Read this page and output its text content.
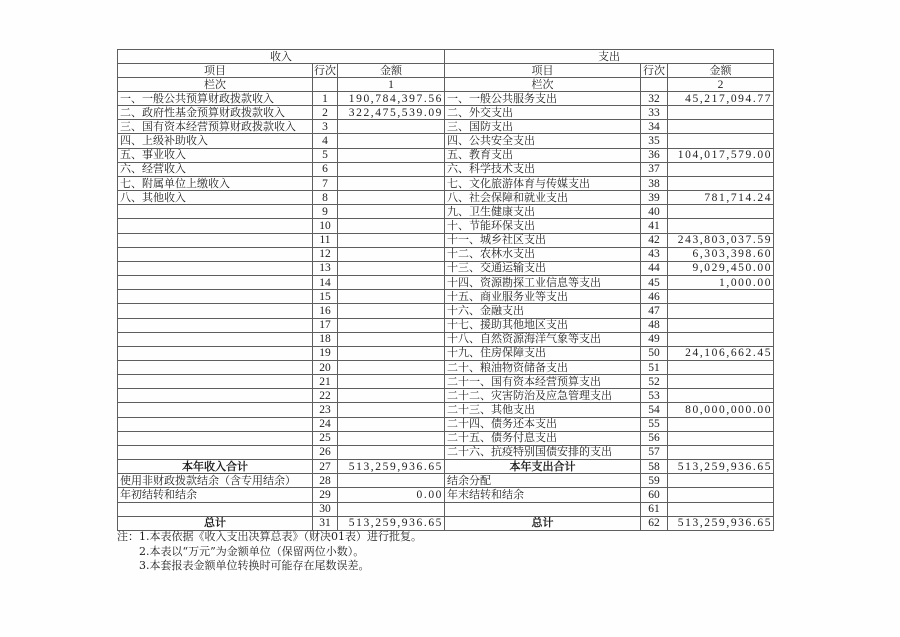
收入			支出		
项目	行次	金额	项目	行次	金额
栏次		1	栏次		2
一、一般公共预算财政拨款收入	1	190,784,397.56	一、一般公共服务支出	32	45,217,094.77
二、政府性基金预算财政拨款收入	2	322,475,539.09	二、外交支出	33	
三、国有资本经营预算财政拨款收入	3		三、国防支出	34	
四、上级补助收入	4		四、公共安全支出	35	
五、事业收入	5		五、教育支出	36	104,017,579.00
六、经营收入	6		六、科学技术支出	37	
七、附属单位上缴收入	7		七、文化旅游体育与传媒支出	38	
八、其他收入	8		八、社会保障和就业支出	39	781,714.24
	9		九、卫生健康支出	40	
	10		十、节能环保支出	41	
	11		十一、城乡社区支出	42	243,803,037.59
	12		十二、农林水支出	43	6,303,398.60
	13		十三、交通运输支出	44	9,029,450.00
	14		十四、资源勘探工业信息等支出	45	1,000.00
	15		十五、商业服务业等支出	46	
	16		十六、金融支出	47	
	17		十七、援助其他地区支出	48	
	18		十八、自然资源海洋气象等支出	49	
	19		十九、住房保障支出	50	24,106,662.45
	20		二十、粮油物资储备支出	51	
	21		二十一、国有资本经营预算支出	52	
	22		二十二、灾害防治及应急管理支出	53	
	23		二十三、其他支出	54	80,000,000.00
	24		二十四、债务还本支出	55	
	25		二十五、债务付息支出	56	
	26		二十六、抗疫特别国债安排的支出	57	
本年收入合计	27	513,259,936.65	本年支出合计	58	513,259,936.65
使用非财政拨款结余（含专用结余）	28		结余分配	59	
年初结转和结余	29	0.00	年末结转和结余	60	
	30			61	
总计	31	513,259,936.65	总计	62	513,259,936.65
注：1.本表依据《收入支出决算总表》（财决01表）进行批复。
2.本表以“万元”为金额单位（保留两位小数）。
3.本套报表金额单位转换时可能存在尾数误差。
